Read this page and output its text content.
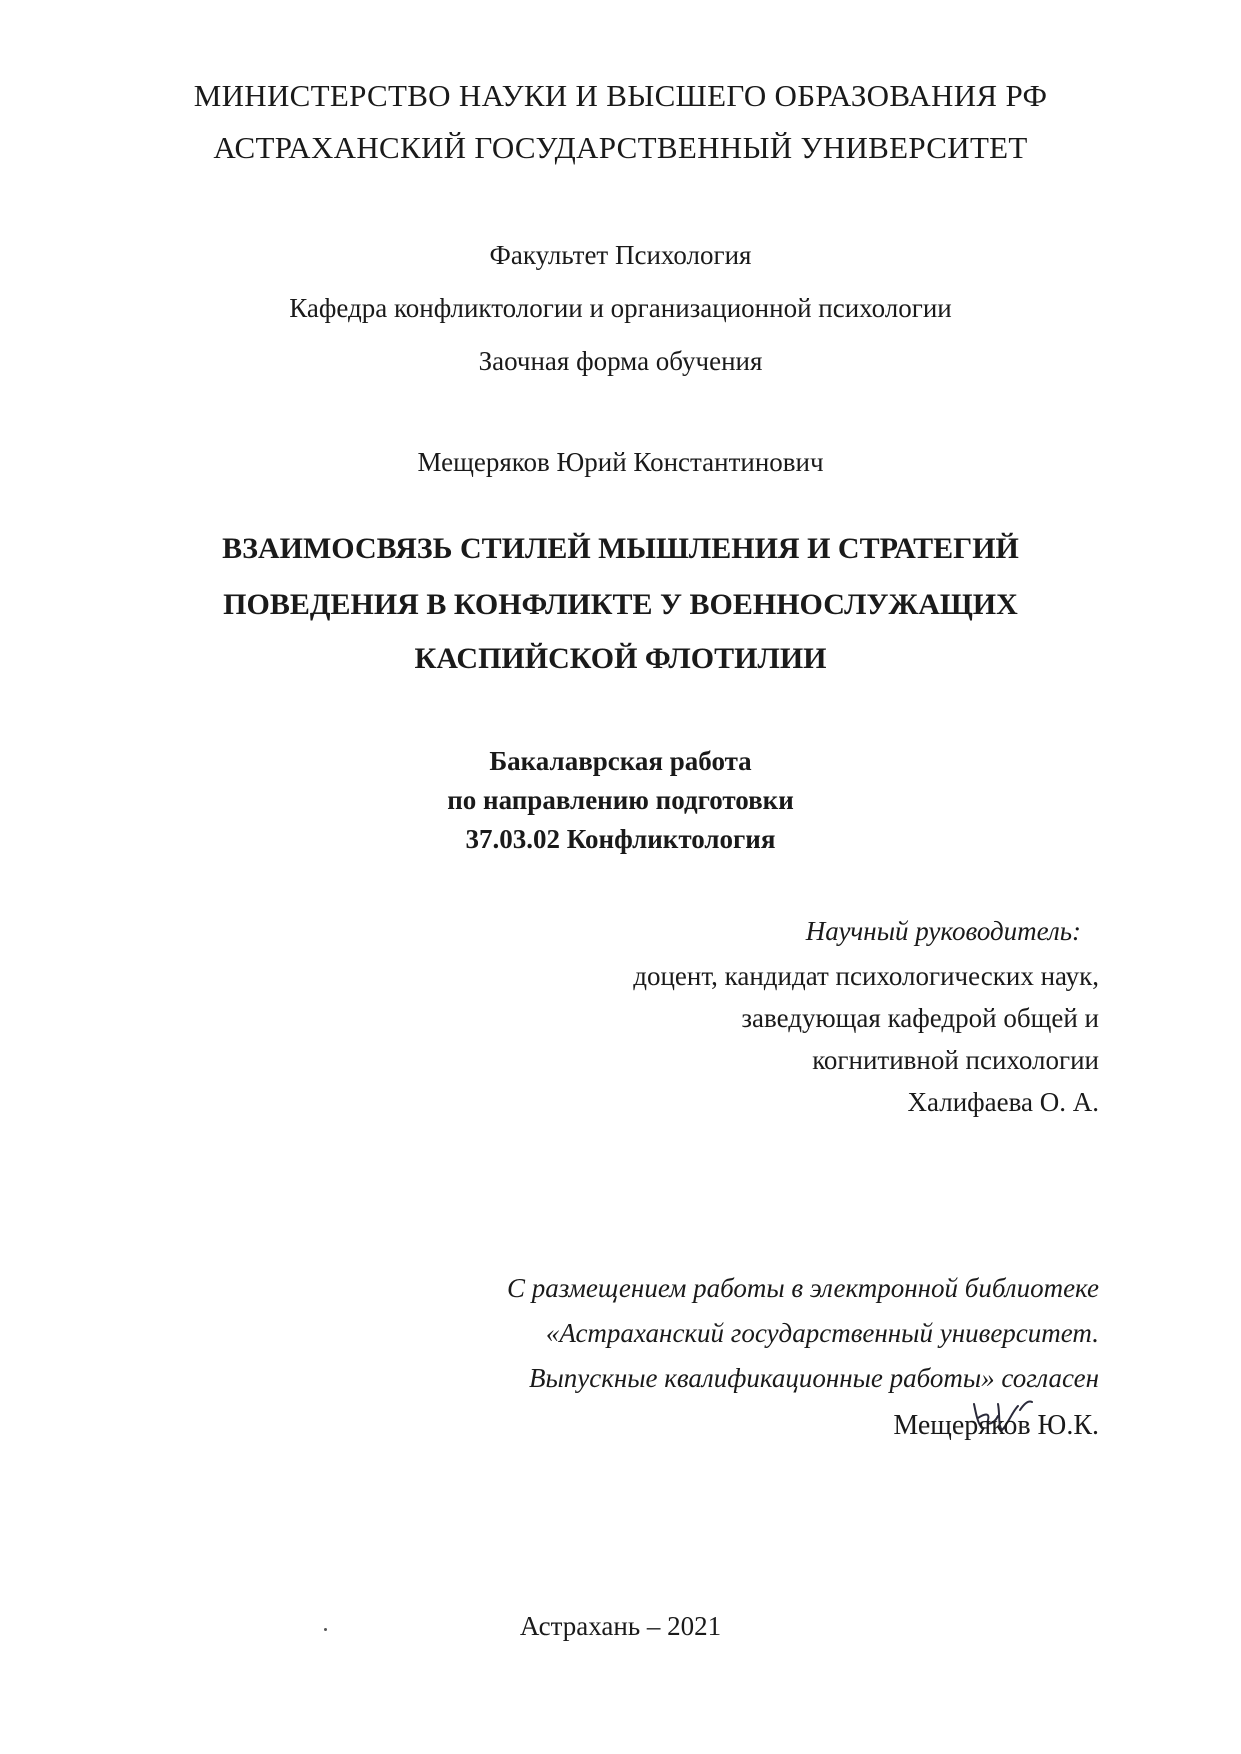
МИНИСТЕРСТВО НАУКИ И ВЫСШЕГО ОБРАЗОВАНИЯ РФ
АСТРАХАНСКИЙ ГОСУДАРСТВЕННЫЙ УНИВЕРСИТЕТ
Факультет Психология
Кафедра конфликтологии и организационной психологии
Заочная форма обучения
Мещеряков Юрий Константинович
ВЗАИМОСВЯЗЬ СТИЛЕЙ МЫШЛЕНИЯ И СТРАТЕГИЙ
ПОВЕДЕНИЯ В КОНФЛИКТЕ У ВОЕННОСЛУЖАЩИХ
КАСПИЙСКОЙ ФЛОТИЛИИ
Бакалаврская работа
по направлению подготовки
37.03.02 Конфликтология
Научный руководитель:
доцент, кандидат психологических наук,
заведующая кафедрой общей и
когнитивной психологии
Халифаева О. А.
С размещением работы в электронной библиотеке
«Астраханский государственный университет.
Выпускные квалификационные работы» согласен
Мещеряков Ю.К.
Астрахань – 2021
